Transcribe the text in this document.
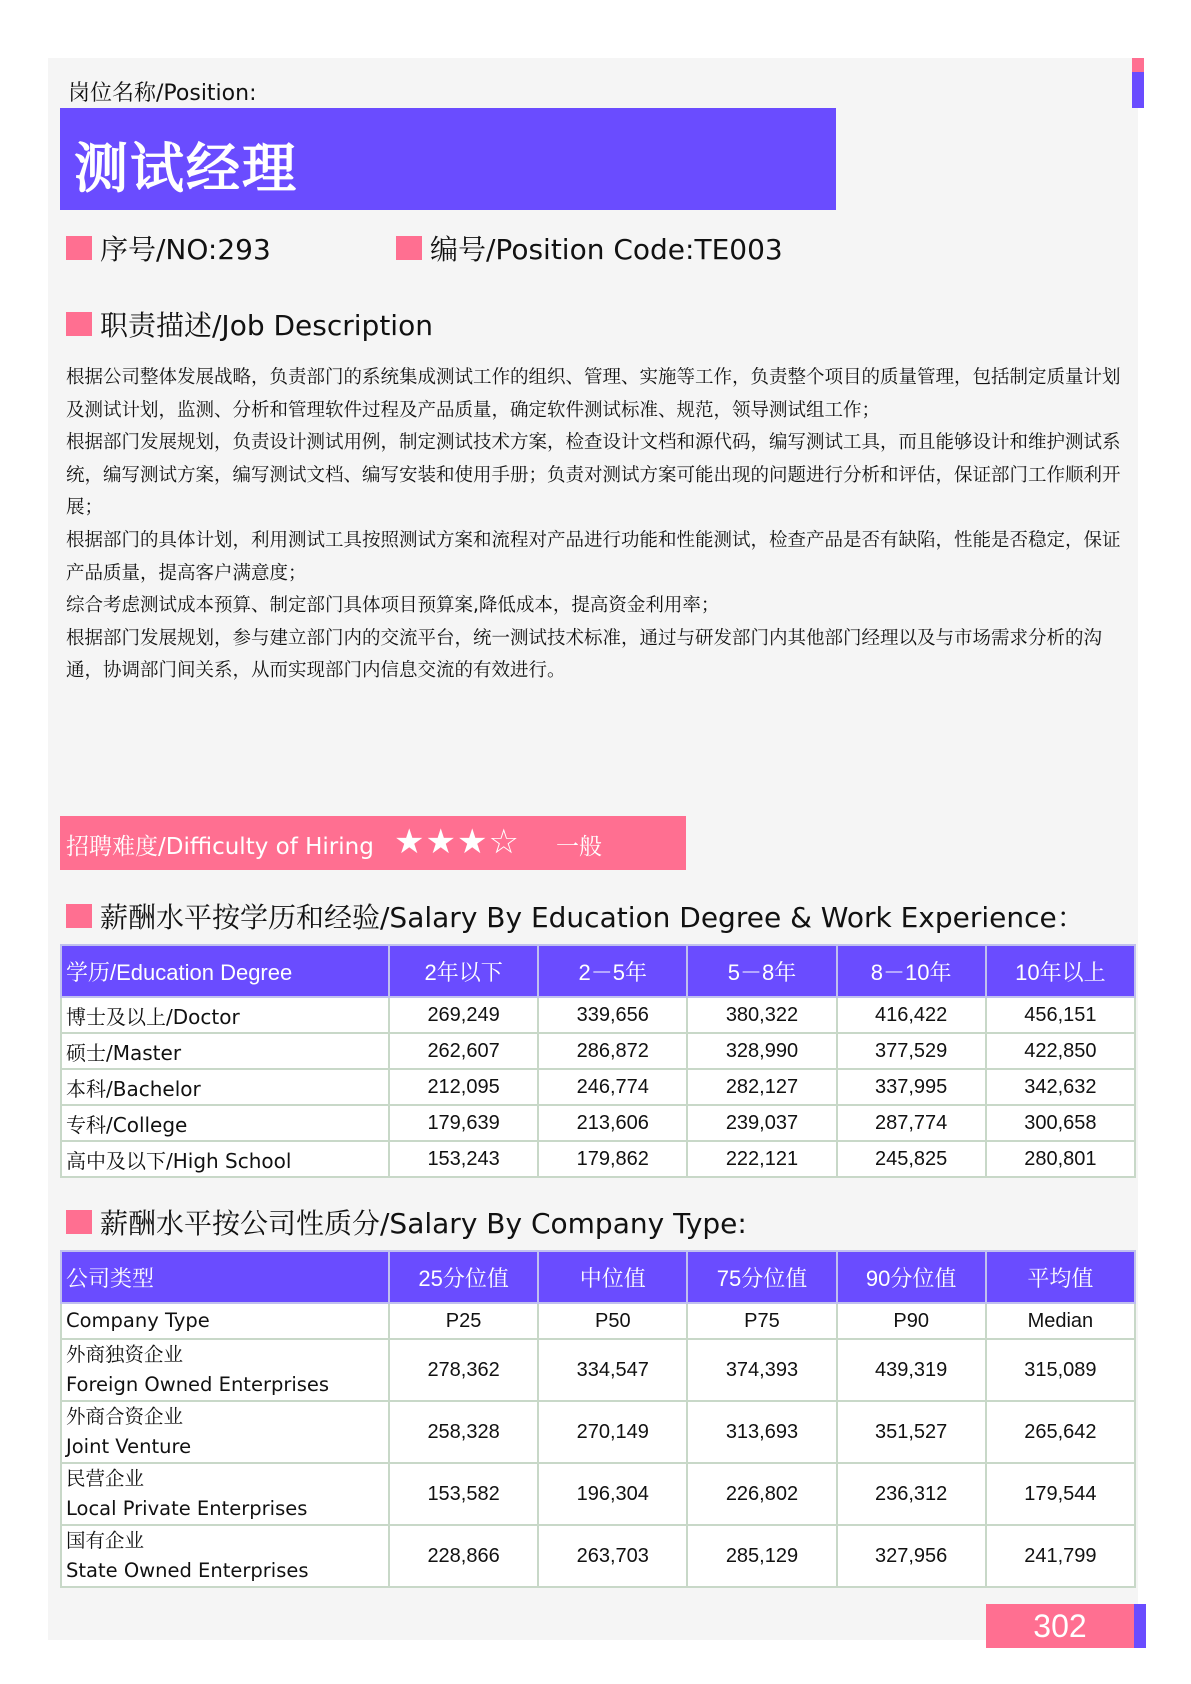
岗位名称/Position:
测试经理
序号/NO:293	编号/Position Code:TE003
职责描述/Job Description
根据公司整体发展战略，负责部门的系统集成测试工作的组织、管理、实施等工作，负责整个项目的质量管理，包括制定质量计划及测试计划，监测、分析和管理软件过程及产品质量，确定软件测试标准、规范，领导测试组工作；
根据部门发展规划，负责设计测试用例，制定测试技术方案，检查设计文档和源代码，编写测试工具，而且能够设计和维护测试系统，编写测试方案，编写测试文档、编写安装和使用手册；负责对测试方案可能出现的问题进行分析和评估，保证部门工作顺利开展；
根据部门的具体计划，利用测试工具按照测试方案和流程对产品进行功能和性能测试，检查产品是否有缺陷，性能是否稳定，保证产品质量，提高客户满意度；
综合考虑测试成本预算、制定部门具体项目预算案,降低成本，提高资金利用率；
根据部门发展规划，参与建立部门内的交流平台，统一测试技术标准，通过与研发部门内其他部门经理以及与市场需求分析的沟通，协调部门间关系，从而实现部门内信息交流的有效进行。
招聘难度/Difficulty of Hiring ★★★☆ 一般
薪酬水平按学历和经验/Salary By Education Degree & Work Experience：
学历/Education Degree	2年以下	2－5年	5－8年	8－10年	10年以上
博士及以上/Doctor	269,249	339,656	380,322	416,422	456,151
硕士/Master	262,607	286,872	328,990	377,529	422,850
本科/Bachelor	212,095	246,774	282,127	337,995	342,632
专科/College	179,639	213,606	239,037	287,774	300,658
高中及以下/High School	153,243	179,862	222,121	245,825	280,801
薪酬水平按公司性质分/Salary By Company Type:
公司类型	25分位值	中位值	75分位值	90分位值	平均值
Company Type	P25	P50	P75	P90	Median

外商独资企业
Foreign Owned Enterprises	278,362	334,547	374,393	439,319	315,089

外商合资企业
Joint Venture	258,328	270,149	313,693	351,527	265,642

民营企业
Local Private Enterprises	153,582	196,304	226,802	236,312	179,544

国有企业
State Owned Enterprises	228,866	263,703	285,129	327,956	241,799
302
